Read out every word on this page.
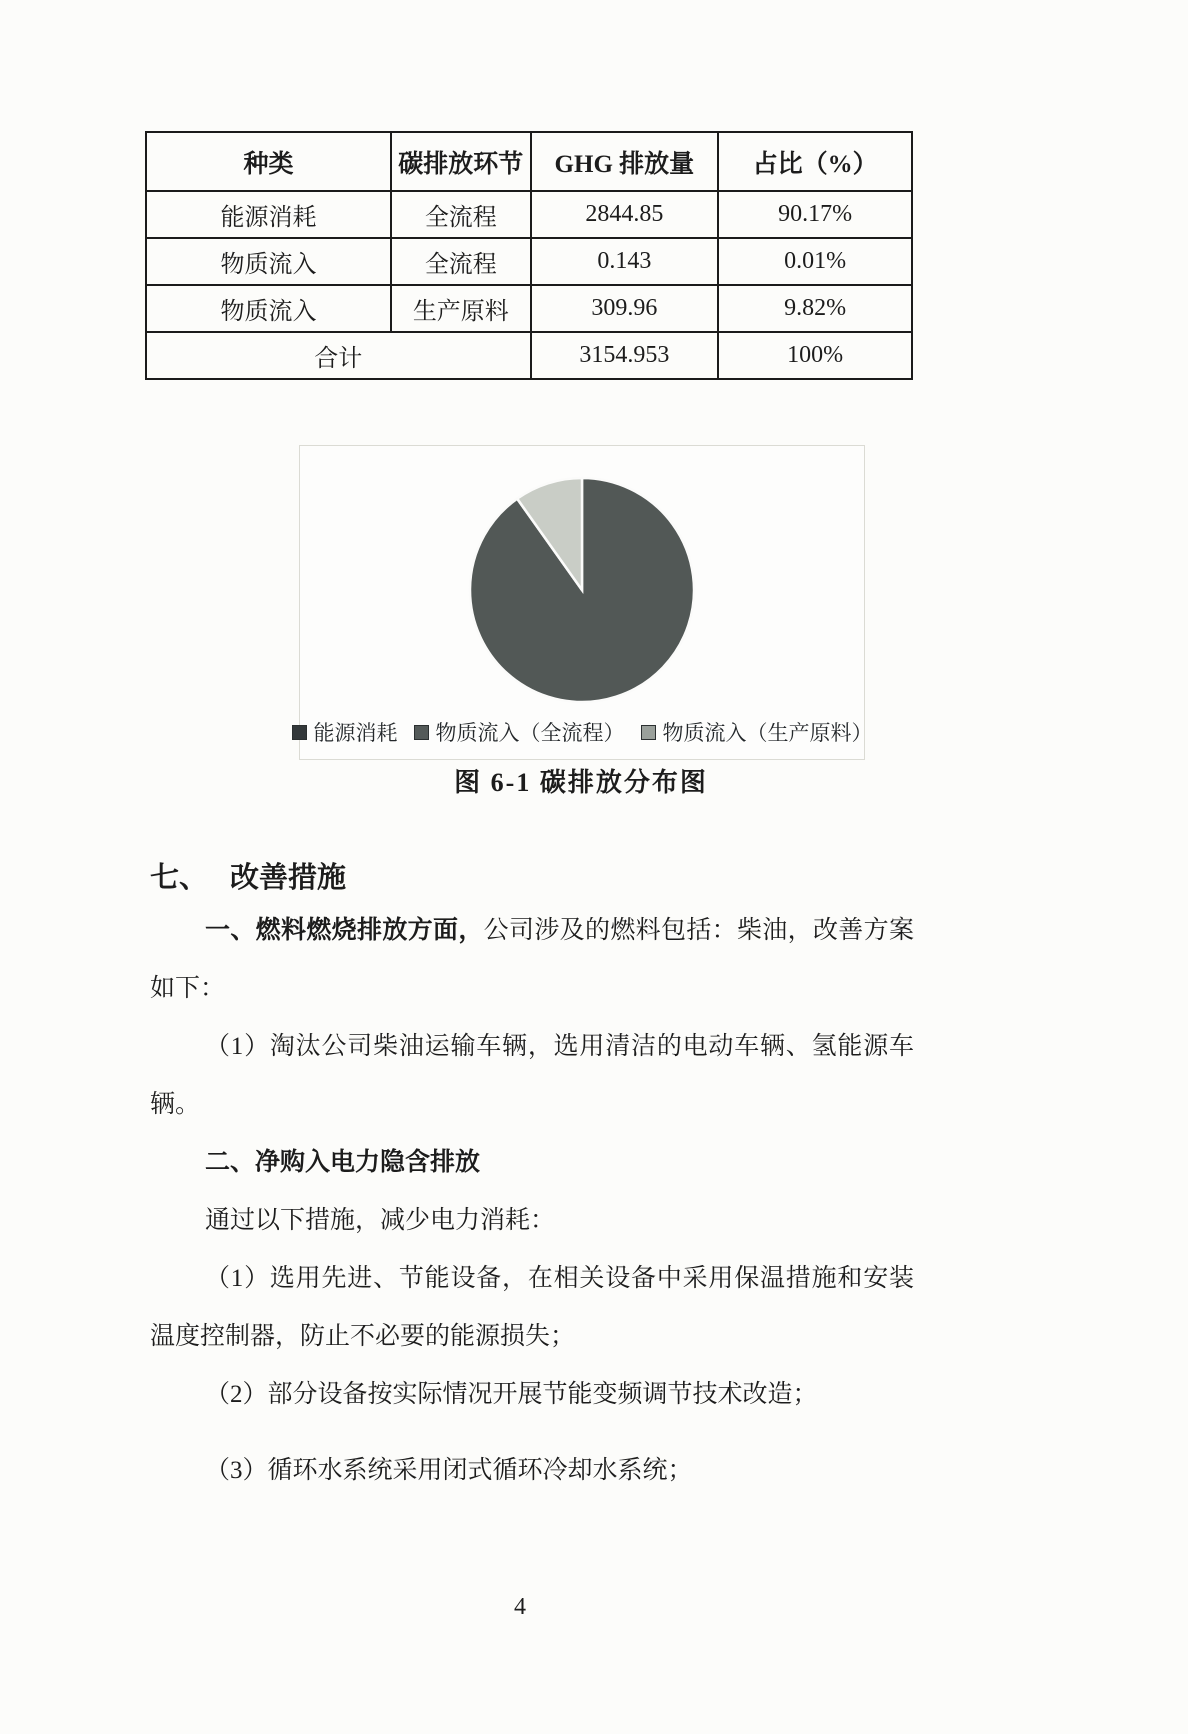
种类	碳排放环节	GHG 排放量	占比（%）
能源消耗	全流程	2844.85	90.17%
物质流入	全流程	0.143	0.01%
物质流入	生产原料	309.96	9.82%
合计		3154.953	100%
能源消耗 物质流入（全流程） 物质流入（生产原料）
图 6-1 碳排放分布图
七、 改善措施
一、燃料燃烧排放方面，公司涉及的燃料包括：柴油，改善方案
如下：
（1）淘汰公司柴油运输车辆，选用清洁的电动车辆、氢能源车
辆。
二、净购入电力隐含排放
通过以下措施，减少电力消耗：
（1）选用先进、节能设备，在相关设备中采用保温措施和安装
温度控制器，防止不必要的能源损失；
（2）部分设备按实际情况开展节能变频调节技术改造；
（3）循环水系统采用闭式循环冷却水系统；
4
